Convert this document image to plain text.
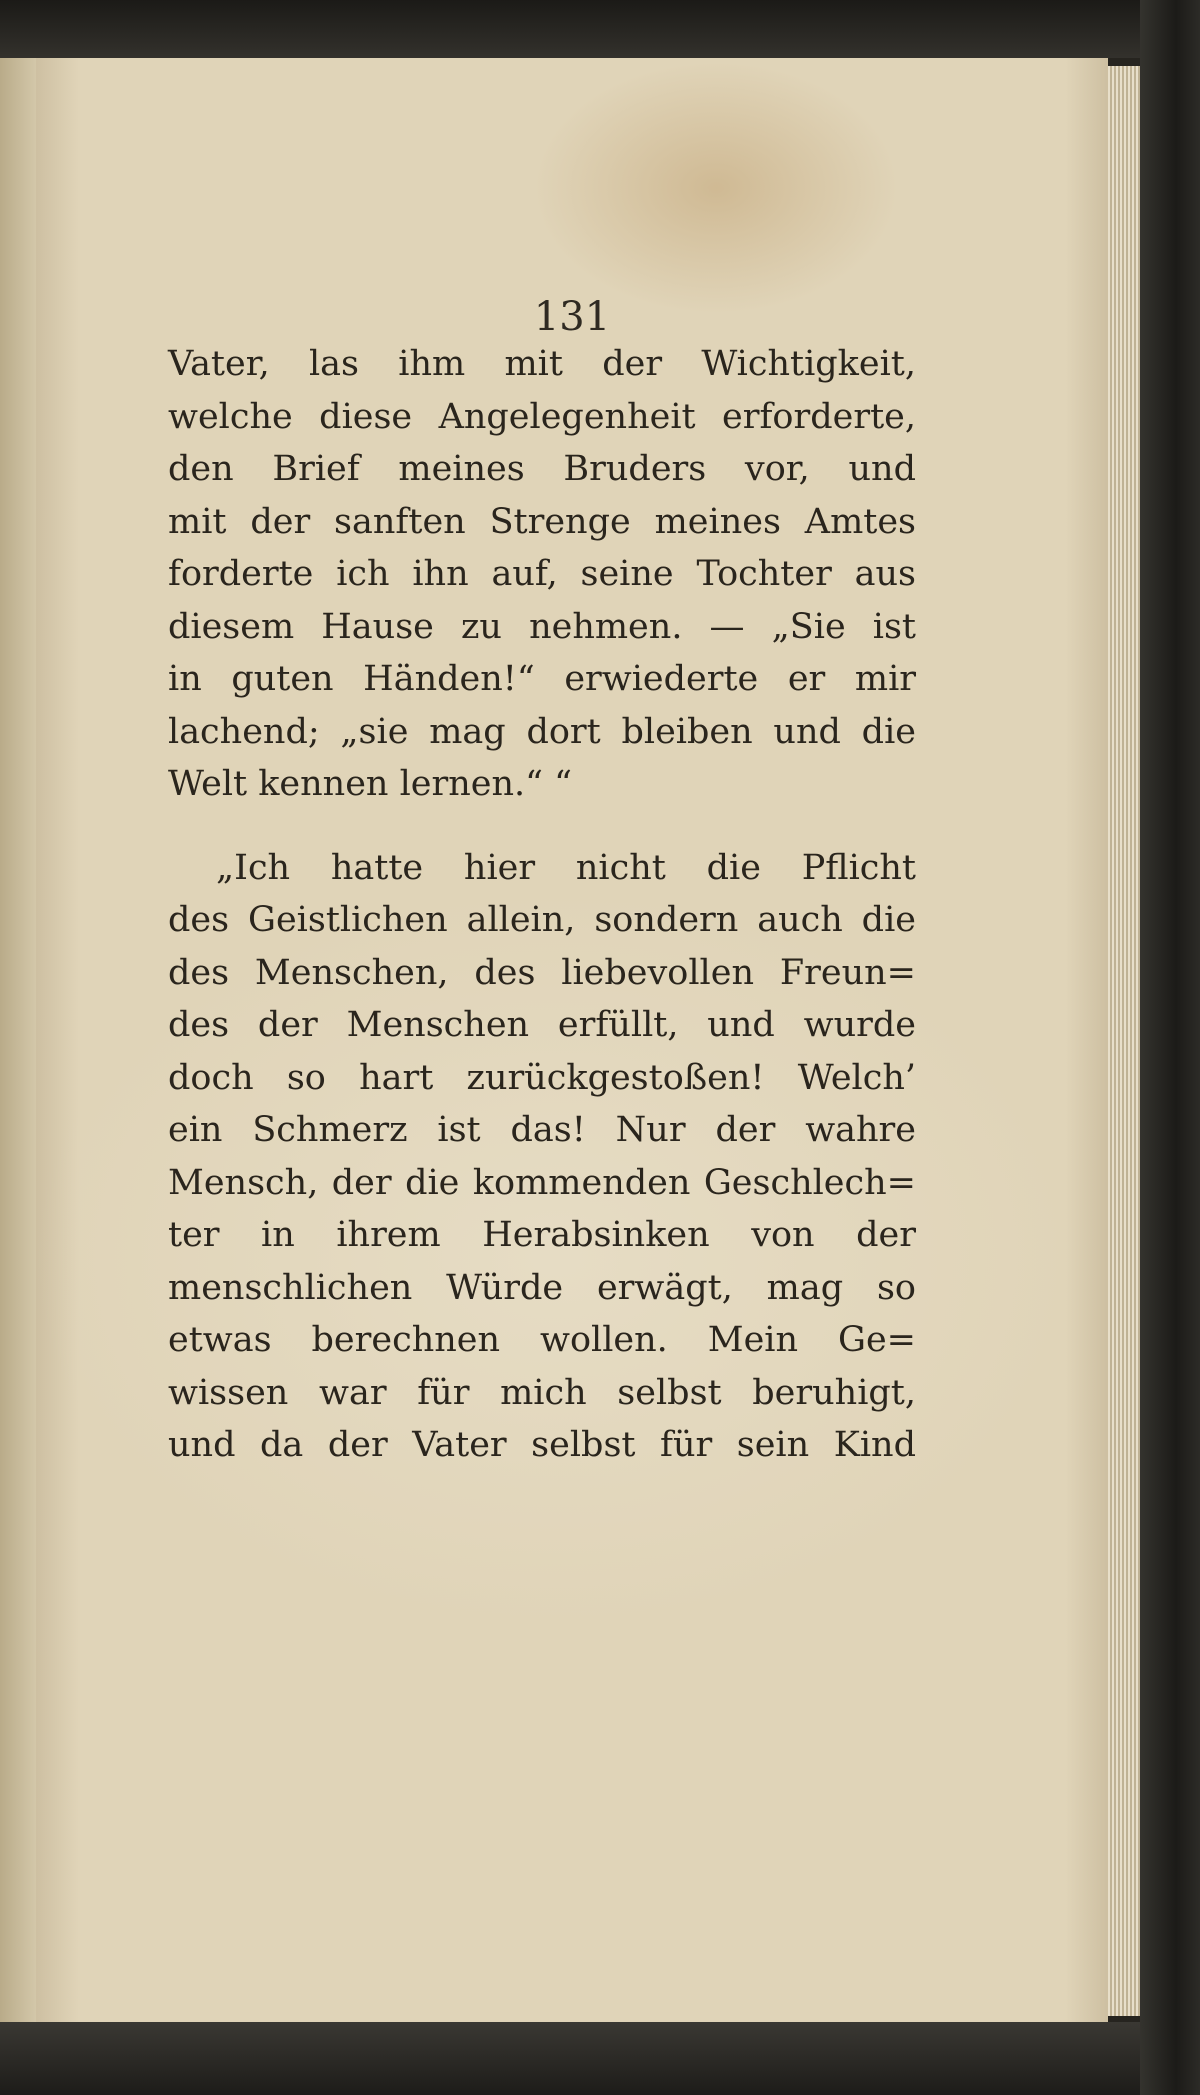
131
Vater, las ihm mit der Wichtigkeit,
welche diese Angelegenheit erforderte,
den Brief meines Bruders vor, und
mit der sanften Strenge meines Amtes
forderte ich ihn auf, seine Tochter aus
diesem Hause zu nehmen. — „Sie ist
in guten Händen!“ erwiederte er mir
lachend; „sie mag dort bleiben und die
Welt kennen lernen.“ “
„Ich hatte hier nicht die Pflicht
des Geistlichen allein, sondern auch die
des Menschen, des liebevollen Freun=
des der Menschen erfüllt, und wurde
doch so hart zurückgestoßen! Welch’
ein Schmerz ist das! Nur der wahre
Mensch, der die kommenden Geschlech=
ter in ihrem Herabsinken von der
menschlichen Würde erwägt, mag so
etwas berechnen wollen. Mein Ge=
wissen war für mich selbst beruhigt,
und da der Vater selbst für sein Kind
